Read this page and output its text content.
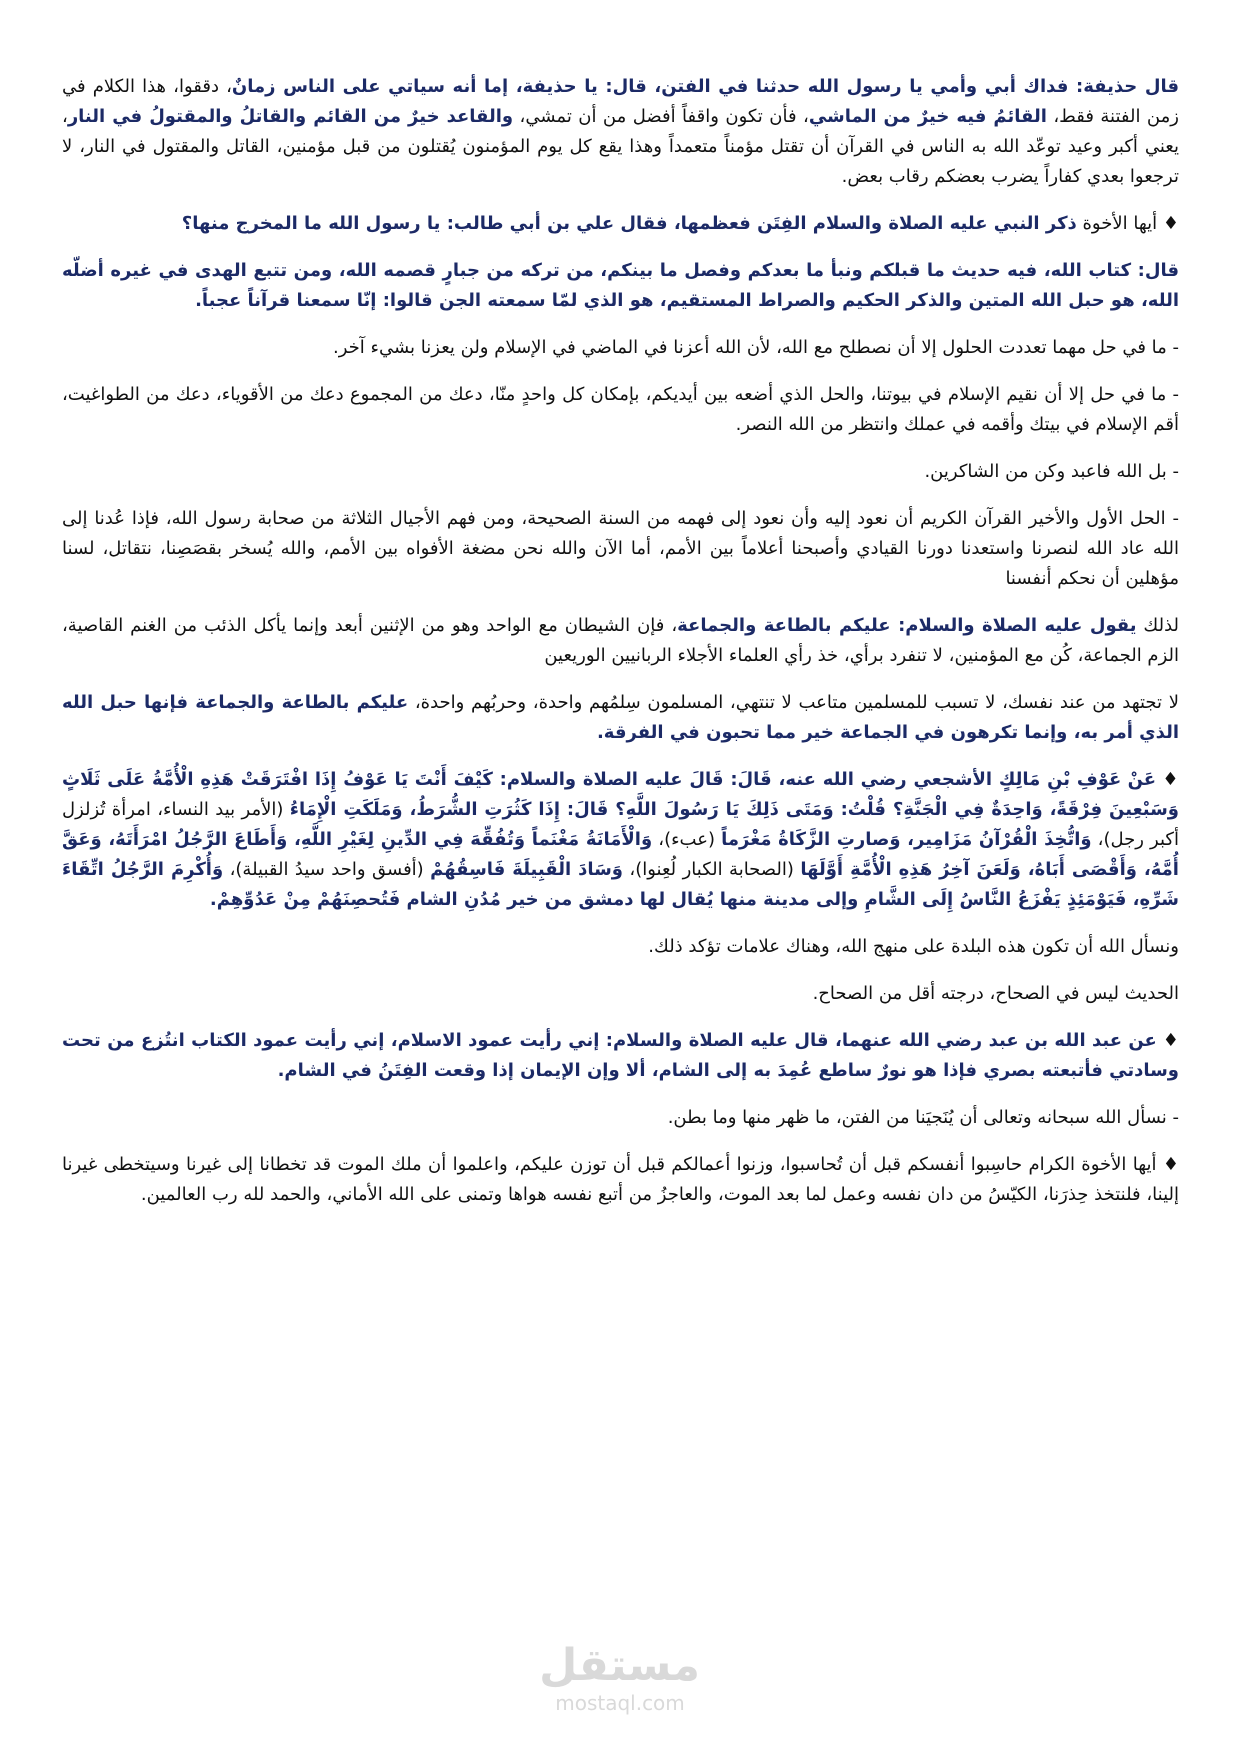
قال حذيفة: فداك أبي وأمي يا رسول الله حدثنا في الفتن، قال: يا حذيفة، إما أنه سياتي على الناس زمانٌ، دققوا، هذا الكلام في زمن الفتنة فقط، القائمُ فيه خيرٌ من الماشي، فأن تكون واقفاً أفضل من أن تمشي، والقاعد خيرٌ من القائم والقاتلُ والمقتولُ في النار، يعني أكبر وعيد توعّد الله به الناس في القرآن أن تقتل مؤمناً متعمداً وهذا يقع كل يوم المؤمنون يُقتلون من قبل مؤمنين، القاتل والمقتول في النار، لا ترجعوا بعدي كفاراً يضرب بعضكم رقاب بعض.

♦ أيها الأخوة ذكر النبي عليه الصلاة والسلام الفِتَن فعظمها، فقال علي بن أبي طالب: يا رسول الله ما المخرج منها؟

قال: كتاب الله، فيه حديث ما قبلكم ونبأ ما بعدكم وفصل ما بينكم، من تركه من جبارٍ قصمه الله، ومن تتبع الهدى في غيره أضلّه الله، هو حبل الله المتين والذكر الحكيم والصراط المستقيم، هو الذي لمّا سمعته الجن قالوا: إنّا سمعنا قرآناً عجباً.

- ما في حل مهما تعددت الحلول إلا أن نصطلح مع الله، لأن الله أعزنا في الماضي في الإسلام ولن يعزنا بشيء آخر.

- ما في حل إلا أن نقيم الإسلام في بيوتنا، والحل الذي أضعه بين أيديكم، بإمكان كل واحدٍ منّا، دعك من المجموع دعك من الأقوياء، دعك من الطواغيت، أقم الإسلام في بيتك وأقمه في عملك وانتظر من الله النصر.

- بل الله فاعبد وكن من الشاكرين.

- الحل الأول والأخير القرآن الكريم أن نعود إليه وأن نعود إلى فهمه من السنة الصحيحة، ومن فهم الأجيال الثلاثة من صحابة رسول الله، فإذا عُدنا إلى الله عاد الله لنصرنا واستعدنا دورنا القيادي وأصبحنا أعلاماً بين الأمم، أما الآن والله نحن مضغة الأفواه بين الأمم، والله يُسخر بقصَصِنا، نتقاتل، لسنا مؤهلين أن نحكم أنفسنا

لذلك يقول عليه الصلاة والسلام: عليكم بالطاعة والجماعة، فإن الشيطان مع الواحد وهو من الإثنين أبعد وإنما يأكل الذئب من الغنم القاصية، الزم الجماعة، كُن مع المؤمنين، لا تنفرد برأي، خذ رأي العلماء الأجلاء الربانيين الوريعين

لا تجتهد من عند نفسك، لا تسبب للمسلمين متاعب لا تنتهي، المسلمون سِلمُهم واحدة، وحربُهم واحدة، عليكم بالطاعة والجماعة فإنها حبل الله الذي أمر به، وإنما تكرهون في الجماعة خير مما تحبون في الفرقة.

♦ عَنْ عَوْفِ بْنِ مَالِكٍ الأشجعي رضي الله عنه، قَالَ: قَالَ عليه الصلاة والسلام: كَيْفَ أَنْتَ يَا عَوْفُ إِذَا افْتَرَقَتْ هَذِهِ الْأُمَّةُ عَلَى ثَلَاثٍ وَسَبْعِينَ فِرْقَةً، وَاحِدَةٌ فِي الْجَنَّةِ؟ قُلْتُ: وَمَتَى ذَلِكَ يَا رَسُولَ اللَّهِ؟ قَالَ: إِذَا كَثُرَتِ الشُّرَطُ، وَمَلَكَتِ الْإِمَاءُ (الأمر بيد النساء، امرأة تُزلزل أكبر رجل)، وَاتُّخِذَ الْقُرْآنُ مَزَامِير، وَصارتِ الزَّكَاةُ مَغْرَماً (عبء)، وَالْأَمَانَةُ مَغْنَماً وَتُفُقِّهَ فِي الدِّينِ لِغَيْرِ اللَّهِ، وَأَطَاعَ الرَّجُلُ امْرَأَتَهُ، وَعَقَّ أُمَّهُ، وَأَقْصَى أَبَاهُ، وَلَعَنَ آخِرُ هَذِهِ الْأُمَّةِ أَوَّلَهَا (الصحابة الكبار لُعِنوا)، وَسَادَ الْقَبِيلَةَ فَاسِقُهُمْ (أفسق واحد سيدُ القبيلة)، وَأُكْرِمَ الرَّجُلُ اتِّقَاءَ شَرِّهِ، فَيَوْمَئِذٍ يَفْزَعُ النَّاسُ إِلَى الشَّامِ وإلى مدينة منها يُقال لها دمشق من خير مُدُنِ الشام فَتُحصِنَهُمْ مِنْ عَدُوِّهِمْ.

ونسأل الله أن تكون هذه البلدة على منهج الله، وهناك علامات تؤكد ذلك.

الحديث ليس في الصحاح، درجته أقل من الصحاح.

♦ عن عبد الله بن عبد رضي الله عنهما، قال عليه الصلاة والسلام: إني رأيت عمود الاسلام، إني رأيت عمود الكتاب انتُزع من تحت وسادتي فأتبعته بصري فإذا هو نورٌ ساطع عُمِدَ به إلى الشام، ألا وإن الإيمان إذا وقعت الفِتَنُ في الشام.

- نسأل الله سبحانه وتعالى أن يُنَجيَنا من الفتن، ما ظهر منها وما بطن.

♦ أيها الأخوة الكرام حاسِبوا أنفسكم قبل أن تُحاسبوا، وزنوا أعمالكم قبل أن توزن عليكم، واعلموا أن ملك الموت قد تخطانا إلى غيرنا وسيتخطى غيرنا إلينا، فلنتخذ حِذرَنا، الكيّسُ من دان نفسه وعمل لما بعد الموت، والعاجزُ من أتبع نفسه هواها وتمنى على الله الأماني، والحمد لله رب العالمين.

مستقل
mostaql.com
